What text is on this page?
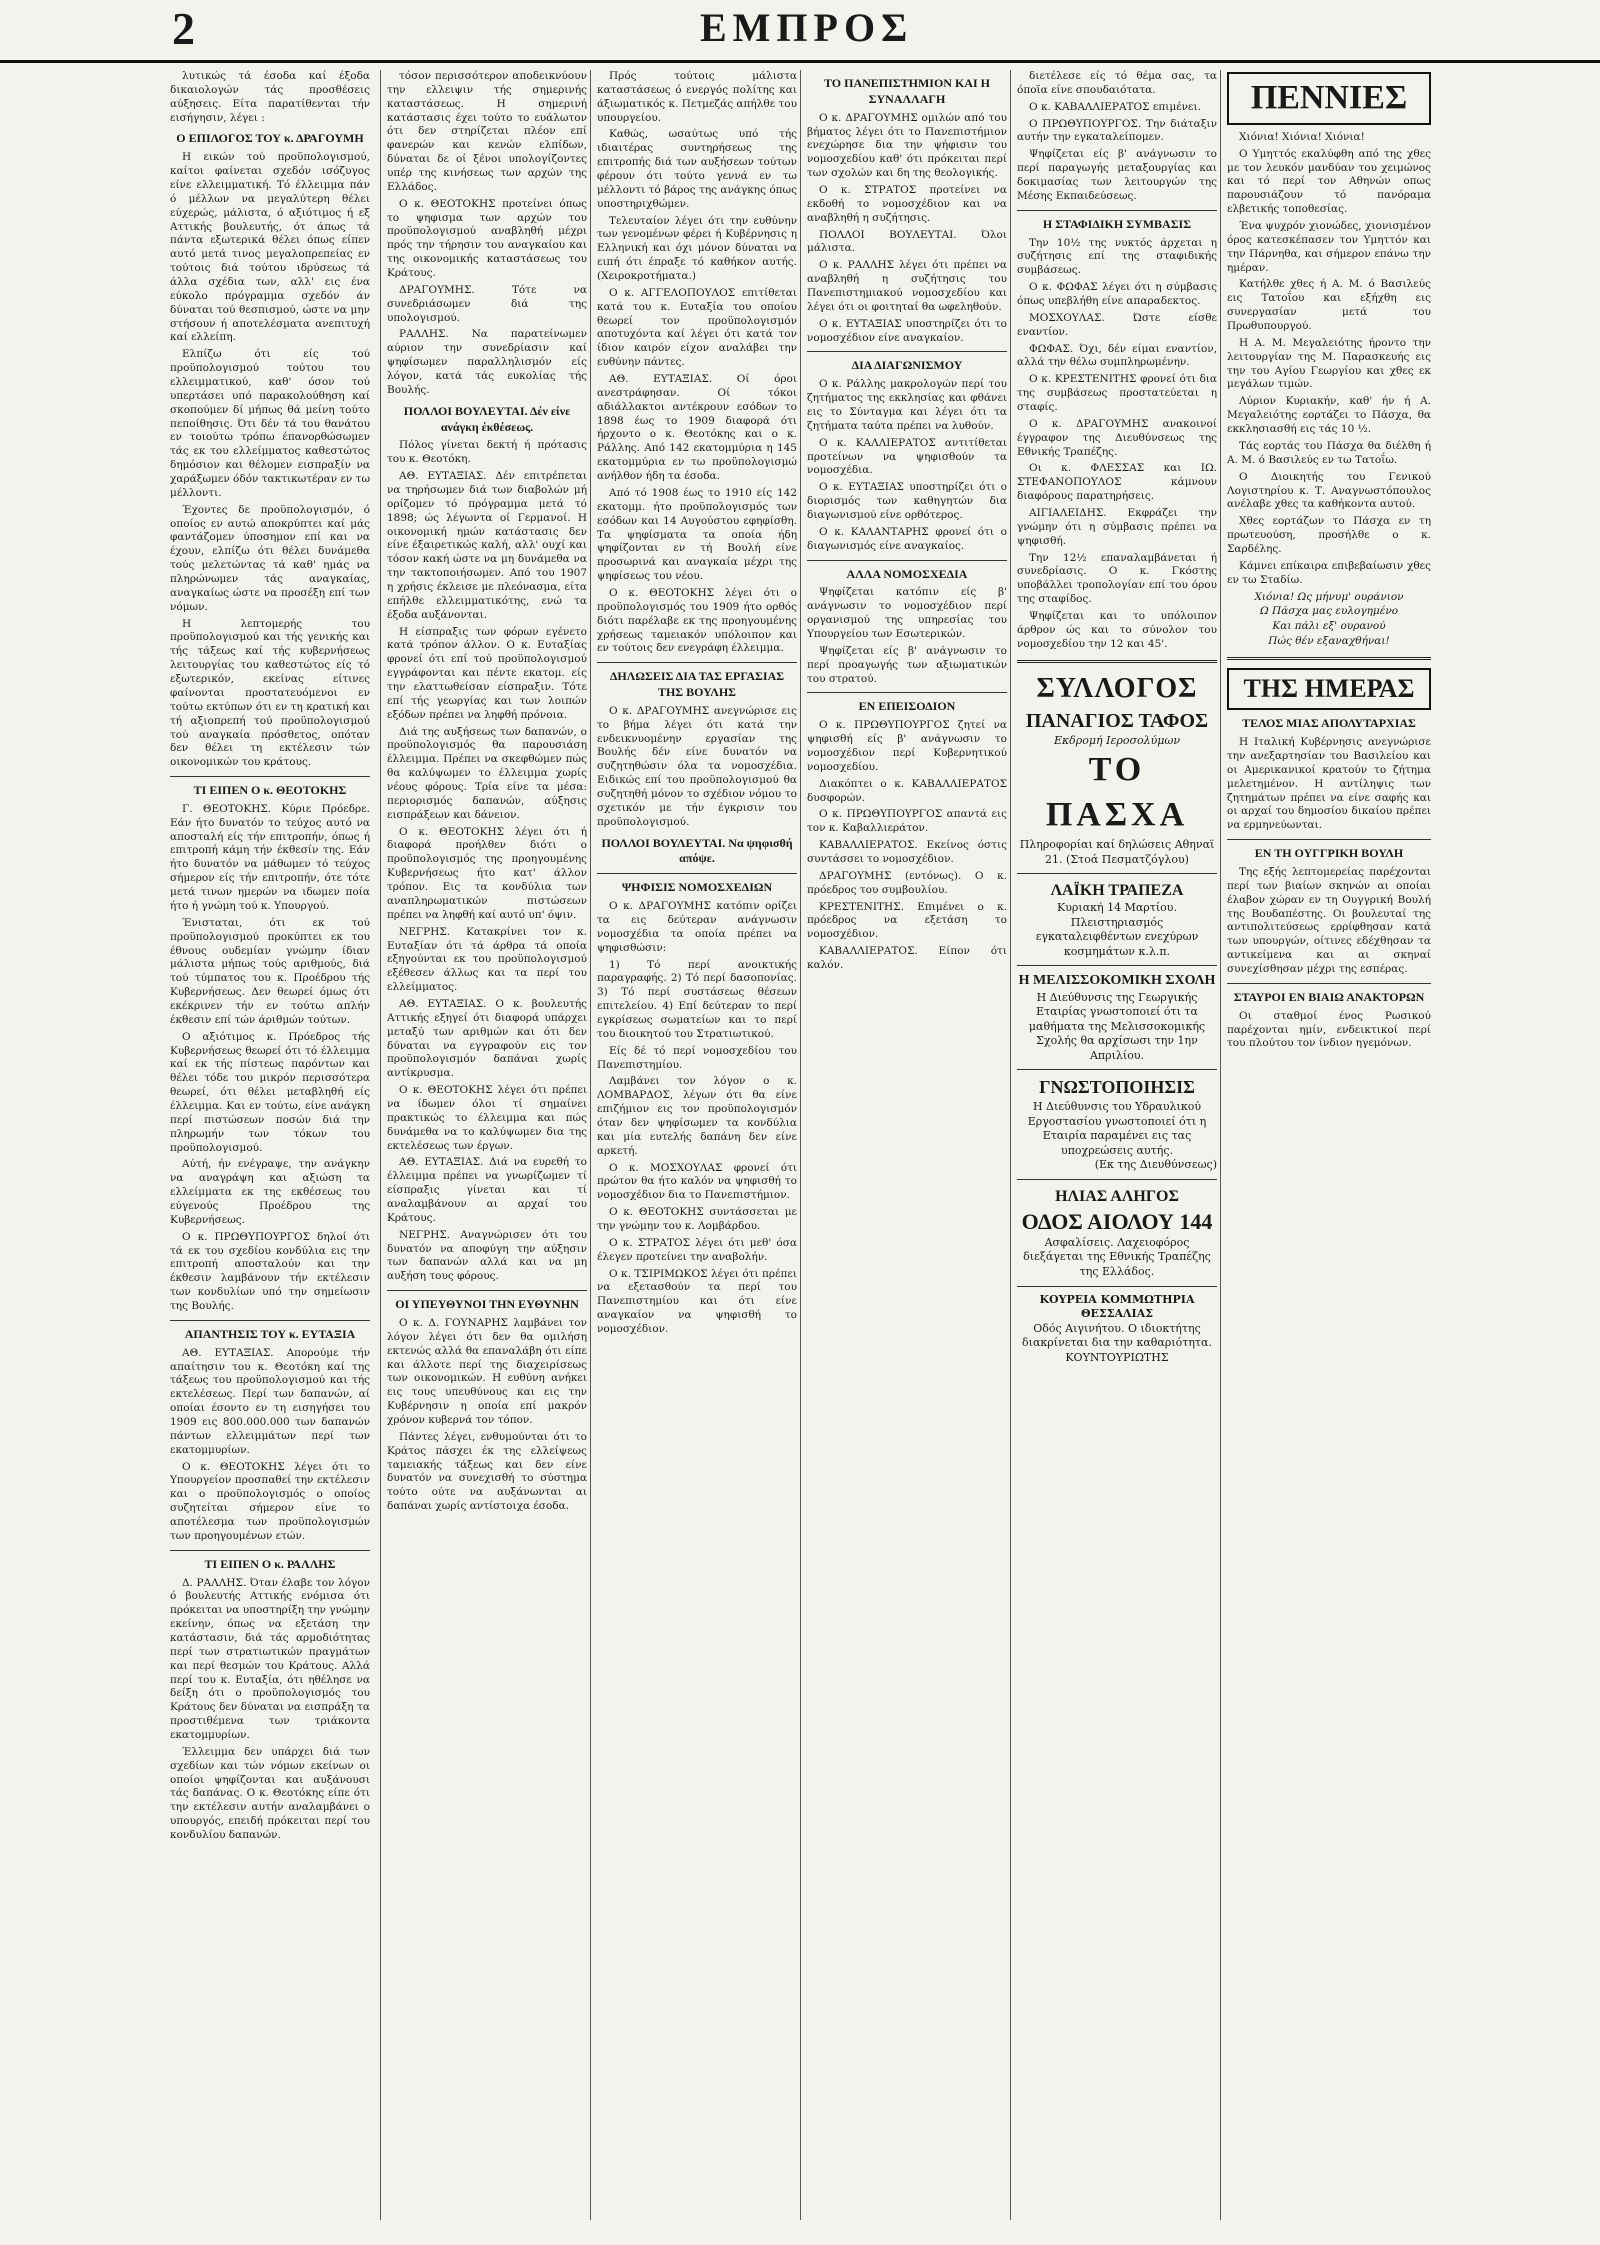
2	ΕΜΠΡΟΣ

λυτικώς τά έσοδα καί έξοδα δικαιολογών τάς προσθέσεις αύξησεις. Είτα παρατίθενται τήν εισήγησιν, λέγει :

Ο ΕΠΙΛΟΓΟΣ ΤΟΥ κ. ΔΡΑΓΟΥΜΗ

Η εικών τού προϋπολογισμού, καίτοι φαίνεται σχεδόν ισόζυγος είνε ελλειμματική. Τό έλλειμμα πάν ό μέλλων να μεγαλύτερη θέλει εύχερώς, μάλιστα, ό αξιότιμος ή εξ Αττικής βουλευτής, ότ άπως τά πάντα εξωτερικά θέλει όπως είπεν αυτό μετά τινος μεγαλοπρεπείας εν τούτοις διά τούτου ιδρύσεως τά άλλα σχέδια των, αλλ' εις ένα εύκολο πρόγραμμα σχεδόν άν δύναται τού θεσπισμού, ώστε να μην στήσουν ή αποτελέσματα ανεπιτυχή καί ελλείπη.

Ελπίζω ότι είς τού προϋπολογισμού τούτου του ελλειμματικού, καθ' όσον τού υπερτάσει υπό παρακολούθηση καί σκοπούμεν δί μήπως θά μείνη τούτο πεποίθησις. Ότι δέν τά του θανάτου εν τοιούτω τρόπω έπανορθώσωμεν τάς εκ του ελλείμματος καθεστώτος δημόσιον και θέλομεν εισπραξίν να χαράξωμεν όδόν τακτικωτέραν εν τω μέλλοντι.

Έχοντες δε προϋπολογισμόν, ό οποίος εν αυτώ αποκρύπτει καί μάς φαντάζομεν ύποσημον επί και να έχουν, ελπίζω ότι θέλει δυνάμεθα τούς μελετώντας τά καθ' ημάς να πληρώνωμεν τάς αναγκαίας, αναγκαίως ώστε να προσέξη επί των νόμων.

Η λεπτομερής του προϋπολογισμού και τής γενικής και τής τάξεως καί τής κυβερνήσεως λειτουργίας του καθεστώτος είς τό εξωτερικόν, εκείνας είτινες φαίνονται προστατευόμενοι εν τούτω εκτύπων ότι εν τη κρατική και τή αξιοπρεπή τού προϋπολογισμού τού αναγκαία πρόσθετος, οπόταν δεν θέλει τη εκτέλεσιν τών οικονομικών του κράτους.

ΤΙ ΕΙΠΕΝ Ο κ. ΘΕΟΤΟΚΗΣ

Γ. ΘΕΟΤΟΚΗΣ. Κύριε Πρόεδρε. Εάν ήτο δυνατόν το τεύχος αυτό να αποσταλή είς τήν επιτροπήν, όπως ή επιτροπή κάμη τήν έκθεσίν της. Εάν ήτο δυνατόν να μάθωμεν τό τεύχος σήμερον είς τήν επιτροπήν, ότε τότε μετά τινων ημερών να ιδωμεν ποία ήτο ή γνώμη τού κ. Υπουργού.

Ένισταται, ότι εκ τού προϋπολογισμού προκύπτει εκ του έθνους ουδεμίαν γνώμην ίδιαν μάλιστα μήπως τούς αριθμούς, διά τού τύμπατος του κ. Προέδρου τής Κυβερνήσεως. Δεν θεωρεί όμως ότι εκέκρινεν τήν εν τούτω απλήν έκθεσιν επί τών άριθμών τούτων.

Ο αξιότιμος κ. Πρόεδρος τής Κυβερνήσεως θεωρεί ότι τό έλλειμμα καί εκ τής πίστεως παρόντων και θέλει τόδε του μικρόν περισσότερα θεωρεί, ότι θέλει μεταβληθή είς έλλειμμα. Και εν τούτω, είνε ανάγκη περί πιστώσεων ποσών διά την πληρωμήν των τόκων του προϋπολογισμού.

Αύτή, ήν ενέγραψε, την ανάγκην να αναγράψη και αξιώση τα ελλείμματα εκ της εκθέσεως του εύγενούς Προέδρου της Κυβερνήσεως.

Ο κ. ΠΡΩΘΥΠΟΥΡΓΟΣ δηλοί ότι τά εκ του σχεδίου κονδύλια εις την επιτροπή αποσταλούν και την έκθεσιν λαμβάνουν τήν εκτέλεσιν των κονδυλίων υπό την σημείωσιν της Βουλής.

ΑΠΑΝΤΗΣΙΣ ΤΟΥ κ. ΕΥΤΑΞΙΑ

ΑΘ. ΕΥΤΑΞΙΑΣ. Απορούμε τήν απαίτησιν του κ. Θεοτόκη καί της τάξεως του προϋπολογισμού και τής εκτελέσεως. Περί των δαπανών, αί οποίαι έσοντο εν τη εισηγήσει του 1909 εις 800.000.000 των δαπανών πάντων ελλειμμάτων περί των εκατομμυρίων.

Ο κ. ΘΕΟΤΟΚΗΣ λέγει ότι το Υπουργείον προσπαθεί την εκτέλεσιν και ο προϋπολογισμός ο οποίος συζητείται σήμερον είνε το αποτέλεσμα των προϋπολογισμών των προηγουμένων ετών.

ΤΙ ΕΙΠΕΝ Ο κ. ΡΑΛΛΗΣ

Δ. ΡΑΛΛΗΣ. Όταν έλαβε τον λόγον ό βουλευτής Αττικής ενόμισα ότι πρόκειται να υποστηρίξη την γνώμην εκείνην, όπως να εξετάση την κατάστασιν, διά τάς αρμοδιότητας περί των στρατιωτικών πραγμάτων και περί θεσμών του Κράτους. Αλλά περί του κ. Ευταξία, ότι ηθέλησε να δείξη ότι ο προϋπολογισμός του Κράτους δεν δύναται να εισπράξη τα προστιθέμενα των τριάκοντα εκατομμυρίων.

Έλλειμμα δεν υπάρχει διά των σχεδίων και τών νόμων εκείνων οι οποίοι ψηφίζονται και αυξάνουσι τάς δαπάνας. Ο κ. Θεοτόκης είπε ότι την εκτέλεσιν αυτήν αναλαμβάνει ο υπουργός, επειδή πρόκειται περί του κονδυλίου δαπανών.

τόσον περισσότερον αποδεικνύουν την ελλειψιν τής σημερινής καταστάσεως. Η σημερινή κατάστασις έχει τούτο το ευάλωτον ότι δεν στηρίζεται πλέον επί φανερών και κενών ελπίδων, δύναται δε οί ξένοι υπολογίζοντες υπέρ της κινήσεως των αρχών της Ελλάδος.

Ο κ. ΘΕΟΤΟΚΗΣ προτείνει όπως το ψηφισμα των αρχών του προϋπολογισμού αναβληθή μέχρι πρός την τήρησιν του αναγκαίου και της οικονομικής καταστάσεως του Κράτους.

ΔΡΑΓΟΥΜΗΣ. Τότε να συνεδριάσωμεν διά της υπολογισμού.

ΡΑΛΛΗΣ. Να παρατείνωμεν αύριον την συνεδρίασιν καί ψηφίσωμεν παραλληλισμόν είς λόγον, κατά τάς ευκολίας τής Βουλής.

ΠΟΛΛΟΙ ΒΟΥΛΕΥΤΑΙ. Δέν είνε ανάγκη έκθέσεως.

Πόλος γίνεται δεκτή ή πρότασις του κ. Θεοτόκη.

ΑΘ. ΕΥΤΑΞΙΑΣ. Δέν επιτρέπεται να τηρήσωμεν διά των διαβολών μή ορίζομεν τό πρόγραμμα μετά τό 1898; ώς λέγωντα οί Γερμανοί. Η οικονομική ημών κατάστασις δεν είνε έξαιρετικώς καλή, αλλ' ουχί και τόσον κακή ώστε να μη δυνάμεθα να την τακτοποιήσωμεν. Από του 1907 η χρήσις έκλεισε με πλεόνασμα, είτα επήλθε ελλειμματικότης, ενώ τα έξοδα αυξάνονται.

Η είσπραξις των φόρων εγένετο κατά τρόπον άλλον. Ο κ. Ευταξίας φρονεί ότι επί τού προϋπολογισμού εγγράφονται και πέντε εκατομ. είς την ελαττωθείσαν είσπραξιν. Τότε επί τής γεωργίας και των λοιπών εξόδων πρέπει να ληφθή πρόνοια.

Διά της αυξήσεως των δαπανών, ο προϋπολογισμός θα παρουσιάση έλλειμμα. Πρέπει να σκεφθώμεν πώς θα καλύψωμεν το έλλειμμα χωρίς νέους φόρους. Τρία είνε τα μέσα: περιορισμός δαπανών, αύξησις εισπράξεων και δάνειον.

Ο κ. ΘΕΟΤΟΚΗΣ λέγει ότι ή διαφορά προήλθεν διότι ο προϋπολογισμός της προηγουμένης Κυβερνήσεως ήτο κατ' άλλον τρόπον. Εις τα κονδύλια των αναπληρωματικών πιστώσεων πρέπει να ληφθή καί αυτό υπ' όψιν.

ΝΕΓΡΗΣ. Κατακρίνει τον κ. Ευταξίαν ότι τά άρθρα τά οποία εξηγούνται εκ του προϋπολογισμού εξέθεσεν άλλως και τα περί του ελλείμματος.

ΑΘ. ΕΥΤΑΞΙΑΣ. Ο κ. βουλευτής Αττικής εξηγεί ότι διαφορά υπάρχει μεταξύ των αριθμών και ότι δεν δύναται να εγγραφούν εις τον προϋπολογισμόν δαπάναι χωρίς αντίκρυσμα.

Ο κ. ΘΕΟΤΟΚΗΣ λέγει ότι πρέπει να ίδωμεν όλοι τί σημαίνει πρακτικώς το έλλειμμα και πώς δυνάμεθα να το καλύψωμεν δια της εκτελέσεως των έργων.

ΑΘ. ΕΥΤΑΞΙΑΣ. Διά να ευρεθή το έλλειμμα πρέπει να γνωρίζωμεν τί είσπραξις γίνεται και τί αναλαμβάνουν αι αρχαί του Κράτους.

ΝΕΓΡΗΣ. Αναγνώρισεν ότι του δυνατόν να αποφύγη την αύξησιν των δαπανών αλλά και να μη αυξήση τους φόρους.

ΟΙ ΥΠΕΥΘΥΝΟΙ ΤΗΝ ΕΥΘΥΝΗΝ

Ο κ. Δ. ΓΟΥΝΑΡΗΣ λαμβάνει τον λόγον λέγει ότι δεν θα ομιλήση εκτενώς αλλά θα επαναλάβη ότι είπε και άλλοτε περί της διαχειρίσεως των οικονομικών. Η ευθύνη ανήκει εις τους υπευθύνους και εις την Κυβέρνησιν η οποία επί μακρόν χρόνον κυβερνά τον τόπον.

Πάντες λέγει, ενθυμούνται ότι το Κράτος πάσχει έκ της ελλείψεως ταμειακής τάξεως και δεν είνε δυνατόν να συνεχισθή το σύστημα τούτο ούτε να αυξάνωνται αι δαπάναι χωρίς αντίστοιχα έσοδα.

Πρός τούτοις μάλιστα καταστάσεως ό ενεργός πολίτης και άξιωματικός κ. Πετμεζάς απήλθε του υπουργείου.

Καθώς, ωσαύτως υπό τής ιδιαιτέρας συντηρήσεως της επιτροπής διά των αυξήσεων τούτων φέρουν ότι τούτο γεννά εν τω μέλλοντι τό βάρος της ανάγκης όπως υποστηριχθώμεν.

Τελευταίον λέγει ότι την ευθύνην των γενομένων φέρει ή Κυβέρνησις η Ελληνική και όχι μόνον δύναται να ειπή ότι έπραξε τό καθήκον αυτής. (Χειροκροτήματα.)

Ο κ. ΑΓΓΕΛΟΠΟΥΛΟΣ επιτίθεται κατά του κ. Ευταξία του οποίου θεωρεί τον προϋπολογισμόν αποτυχόντα καί λέγει ότι κατά τον ίδιον καιρόν είχον αναλάβει την ευθύνην πάντες.

ΑΘ. ΕΥΤΑΞΙΑΣ. Οί όροι ανεστράφησαν. Οί τόκοι αδιάλλακτοι αντέκρουν εσόδων το 1898 έως το 1909 διαφορά ότι ήρχοντο ο κ. Θεοτόκης και ο κ. Ράλλης. Από 142 εκατομμύρια η 145 εκατομμύρια εν τω προϋπολογισμώ ανήλθον ήδη τα έσοδα.

Από τό 1908 έως το 1910 είς 142 εκατομμ. ήτο προϋπολογισμός των εσόδων και 14 Αυγούστου εφηφίσθη. Τα ψηφίσματα τα οποία ήδη ψηφίζονται εν τή Βουλή είνε προσωρινά και αναγκαία μέχρι της ψηφίσεως του νέου.

Ο κ. ΘΕΟΤΟΚΗΣ λέγει ότι ο προϋπολογισμός του 1909 ήτο ορθός διότι παρέλαβε εκ της προηγουμένης χρήσεως ταμειακόν υπόλοιπον και εν τούτοις δεν ενεγράφη έλλειμμα.

ΔΗΛΩΣΕΙΣ ΔΙΑ ΤΑΣ ΕΡΓΑΣΙΑΣ ΤΗΣ ΒΟΥΛΗΣ

Ο κ. ΔΡΑΓΟΥΜΗΣ ανεγνώρισε εις το βήμα λέγει ότι κατά την ενδεικνυομένην εργασίαν της Βουλής δέν είνε δυνατόν να συζητηθώσιν όλα τα νομοσχέδια. Ειδικώς επί του προϋπολογισμού θα συζητηθή μόνον το σχέδιον νόμου το σχετικόν με τήν έγκρισιν του προϋπολογισμού.

ΠΟΛΛΟΙ ΒΟΥΛΕΥΤΑΙ. Να ψηφισθή απόψε.
ΨΗΦΙΣΙΣ ΝΟΜΟΣΧΕΔΙΩΝ

Ο κ. ΔΡΑΓΟΥΜΗΣ κατόπιν ορίζει τα εις δεύτεραν ανάγνωσιν νομοσχέδια τα οποία πρέπει να ψηφισθώσιν:

1) Τό περί ανοικτικής παραγραφής. 2) Τό περί δασοπονίας. 3) Τό περί συστάσεως θέσεων επιτελείου. 4) Επί δεύτεραν το περί εγκρίσεως σωματείων και το περί του διοικητού του Στρατιωτικού.

Είς δέ τό περί νομοσχεδίου του Πανεπιστημίου.

Λαμβάνει τον λόγον ο κ. ΛΟΜΒΑΡΔΟΣ, λέγων ότι θα είνε επιζήμιον εις τον προϋπολογισμόν όταν δεν ψηφίσωμεν τα κονδύλια και μία ευτελής δαπάνη δεν είνε αρκετή.

Ο κ. ΜΟΣΧΟΥΛΑΣ φρονεί ότι πρώτον θα ήτο καλόν να ψηφισθή το νομοσχέδιον δια το Πανεπιστήμιον.

Ο κ. ΘΕΟΤΟΚΗΣ συντάσσεται με την γνώμην του κ. Λομβάρδου.

Ο κ. ΣΤΡΑΤΟΣ λέγει ότι μεθ' όσα έλεγεν προτείνει την αναβολήν.

Ο κ. ΤΣΙΡΙΜΩΚΟΣ λέγει ότι πρέπει να εξετασθούν τα περί του Πανεπιστημίου και ότι είνε αναγκαίον να ψηφισθή το νομοσχέδιον.

ΤΟ ΠΑΝΕΠΙΣΤΗΜΙΟΝ ΚΑΙ Η ΣΥΝΑΛΛΑΓΗ

Ο κ. ΔΡΑΓΟΥΜΗΣ ομιλών από του βήματος λέγει ότι το Πανεπιστήμιον ενεχώρησε δια την ψήφισιν του νομοσχεδίου καθ' ότι πρόκειται περί των σχολών και δη της θεολογικής.

Ο κ. ΣΤΡΑΤΟΣ προτείνει να εκδοθή το νομοσχέδιον και να αναβληθή η συζήτησις.

ΠΟΛΛΟΙ ΒΟΥΛΕΥΤΑΙ. Όλοι μάλιστα.

Ο κ. ΡΑΛΛΗΣ λέγει ότι πρέπει να αναβληθή η συζήτησις του Πανεπιστημιακού νομοσχεδίου και λέγει ότι οι φοιτηταί θα ωφεληθούν.

Ο κ. ΕΥΤΑΞΙΑΣ υποστηρίζει ότι το νομοσχέδιον είνε αναγκαίον.

ΔΙΑ ΔΙΑΓΩΝΙΣΜΟΥ

Ο κ. Ράλλης μακρολογών περί του ζητήματος της εκκλησίας και φθάνει εις το Σύνταγμα και λέγει ότι τα ζητήματα ταύτα πρέπει να λυθούν.

Ο κ. ΚΑΛΛΙΕΡΑΤΟΣ αντιτίθεται προτείνων να ψηφισθούν τα νομοσχέδια.

Ο κ. ΕΥΤΑΞΙΑΣ υποστηρίζει ότι ο διορισμός των καθηγητών δια διαγωνισμού είνε ορθότερος.

Ο κ. ΚΑΛΑΝΤΑΡΗΣ φρονεί ότι ο διαγωνισμός είνε αναγκαίος.

ΑΛΛΑ ΝΟΜΟΣΧΕΔΙΑ

Ψηφίζεται κατόπιν είς β' ανάγνωσιν το νομοσχέδιον περί οργανισμού της υπηρεσίας του Υπουργείου των Εσωτερικών.

Ψηφίζεται είς β' ανάγνωσιν το περί προαγωγής των αξιωματικών του στρατού.

ΕΝ ΕΠΕΙΣΟΔΙΟΝ

Ο κ. ΠΡΩΘΥΠΟΥΡΓΟΣ ζητεί να ψηφισθή είς β' ανάγνωσιν το νομοσχέδιον περί Κυβερνητικού νομοσχεδίου.

Διακόπτει ο κ. ΚΑΒΑΛΛΙΕΡΑΤΟΣ δυσφορών.

Ο κ. ΠΡΩΘΥΠΟΥΡΓΟΣ απαντά εις τον κ. Καβαλλιεράτον.

ΚΑΒΑΛΛΙΕΡΑΤΟΣ. Εκείνος όστις συντάσσει το νομοσχέδιον.

ΔΡΑΓΟΥΜΗΣ (εντόνως). Ο κ. πρόεδρος του συμβουλίου.

ΚΡΕΣΤΕΝΙΤΗΣ. Επιμένει ο κ. πρόεδρος να εξετάση το νομοσχέδιον.

ΚΑΒΑΛΛΙΕΡΑΤΟΣ. Είπον ότι καλόν.

διετέλεσε είς τό θέμα σας, τα όποϊα είνε σπουδαιότατα.

Ο κ. ΚΑΒΑΛΛΙΕΡΑΤΟΣ επιμένει.

Ο ΠΡΩΘΥΠΟΥΡΓΟΣ. Την διάταξιν αυτήν την εγκαταλείπομεν.

Ψηφίζεται είς β' ανάγνωσιν το περί παραγωγής μεταξουργίας και δοκιμασίας των λειτουργών της Μέσης Εκπαιδεύσεως.

Η ΣΤΑΦΙΔΙΚΗ ΣΥΜΒΑΣΙΣ

Την 10½ της νυκτός άρχεται η συζήτησις επί της σταφιδικής συμβάσεως.

Ο κ. ΦΩΦΑΣ λέγει ότι η σύμβασις όπως υπεβλήθη είνε απαραδεκτος.

ΜΟΣΧΟΥΛΑΣ. Ώστε είσθε εναντίον.

ΦΩΦΑΣ. Όχι, δέν είμαι εναντίον, αλλά την θέλω συμπληρωμένην.

Ο κ. ΚΡΕΣΤΕΝΙΤΗΣ φρονεί ότι δια της συμβάσεως προστατεύεται η σταφίς.

Ο κ. ΔΡΑΓΟΥΜΗΣ ανακοινοί έγγραφον της Διευθύνσεως της Εθνικής Τραπέζης.

Οι κ. ΦΛΕΣΣΑΣ και ΙΩ. ΣΤΕΦΑΝΟΠΟΥΛΟΣ κάμνουν διαφόρους παρατηρήσεις.

ΑΙΓΙΑΛΕΙΔΗΣ. Εκφράζει την γνώμην ότι η σύμβασις πρέπει να ψηφισθή.

Την 12½ επαναλαμβάνεται ή συνεδρίασις. Ο κ. Γκόστης υποβάλλει τροπολογίαν επί του όρου της σταφίδος.

Ψηφίζεται και το υπόλοιπον άρθρον ώς και το σύνολον του νομοσχεδίου την 12 και 45'.

ΣΥΛΛΟΓΟΣ
ΠΑΝΑΓΙΟΣ ΤΑΦΟΣ
Εκδρομή Ιεροσολύμων
ΤΟ ΠΑΣΧΑ
Πληροφορίαι καί δηλώσεις Αθηναϊ 21. (Στοά Πεσματζόγλου)
ΛΑΪΚΗ ΤΡΑΠΕΖΑ
Κυριακή 14 Μαρτίου. Πλειστηριασμός εγκαταλειφθέντων ενεχύρων κοσμημάτων κ.λ.π.
Η ΜΕΛΙΣΣΟΚΟΜΙΚΗ ΣΧΟΛΗ
Η Διεύθυνσις της Γεωργικής Εταιρίας γνωστοποιεί ότι τα μαθήματα της Μελισσοκομικής Σχολής θα αρχίσωσι την 1ην Απριλίου.
ΓΝΩΣΤΟΠΟΙΗΣΙΣ
Η Διεύθυνσις του Υδραυλικού Εργοστασίου γνωστοποιεί ότι η Εταιρία παραμένει εις τας υποχρεώσεις αυτής.
(Εκ της Διευθύνσεως)
ΗΛΙΑΣ ΑΛΗΓΟΣ
ΟΔΟΣ ΑΙΟΛΟΥ 144
Ασφαλίσεις. Λαχειοφόρος διεξάγεται της Εθνικής Τραπέζης της Ελλάδος.
ΚΟΥΡΕΙΑ ΚΟΜΜΩΤΗΡΙΑ ΘΕΣΣΑΛΙΑΣ
Οδός Αιγινήτου. Ο ιδιοκτήτης διακρίνεται δια την καθαριότητα.
ΚΟΥΝΤΟΥΡΙΩΤΗΣ
ΠΕΝΝΙΕΣ

Χιόνια! Χιόνια! Χιόνια!

Ο Υμηττός εκαλύφθη από της χθες με τον λευκόν μανδύαν του χειμώνος και τό περί τον Αθηνών οπως παρουσιάζουν τό πανόραμα ελβετικής τοποθεσίας.

Ένα ψυχρόν χιονώδες, χιονισμένον όρος κατεσκέπασεν τον Υμηττόν και την Πάρνηθα, και σήμερον επάνω την ημέραν.

Κατήλθε χθες ή Α. Μ. ό Βασιλεύς εις Τατοΐου και εξήχθη εις συνεργασίαν μετά του Πρωθυπουργού.

Η Α. Μ. Μεγαλειότης ήροντο την λειτουργίαν της Μ. Παρασκευής εις την του Αγίου Γεωργίου και χθες εκ μεγάλων τιμών.

Λύριον Κυριακήν, καθ' ήν ή Α. Μεγαλειότης εορτάζει το Πάσχα, θα εκκλησιασθή εις τάς 10 ½.

Τάς εορτάς του Πάσχα θα διέλθη ή Α. Μ. ό Βασιλεύς εν τω Τατοΐω.

Ο Διοικητής του Γενικού Λογιστηρίου κ. Τ. Αναγνωστόπουλος ανέλαβε χθες τα καθήκοντα αυτού.

Χθες εορτάζων το Πάσχα εν τη πρωτευούση, προσήλθε ο κ. Σαρδέλης.

Κάμνει επίκαιρα επιβεβαίωσιν χθες εν τω Σταδίω.

Χιόνια! Ως μήνυμ' ουράνιον
Ω Πάσχα μας ευλογημένο
Και πάλι εξ' ουρανού
Πώς θέν εξαναχθήναι!
ΤΗΣ ΗΜΕΡΑΣ
ΤΕΛΟΣ ΜΙΑΣ ΑΠΟΛΥΤΑΡΧΙΑΣ

Η Ιταλική Κυβέρνησις ανεγνώρισε την ανεξαρτησίαν του Βασιλείου και οι Αμερικανικοί κρατούν το ζήτημα μελετημένον. Η αντίληψις των ζητημάτων πρέπει να είνε σαφής και οι αρχαί του δημοσίου δικαίου πρέπει να ερμηνεύωνται.

ΕΝ ΤΗ ΟΥΓΓΡΙΚΗ ΒΟΥΛΗ

Της εξής λεπτομερείας παρέχονται περί των βιαίων σκηνών αι οποίαι έλαβον χώραν εν τη Ουγγρική Βουλή της Βουδαπέστης. Οι βουλευταί της αντιπολιτεύσεως ερρίφθησαν κατά των υπουργών, οίτινες εδέχθησαν τα αντικείμενα και αι σκηναί συνεχίσθησαν μέχρι της εσπέρας.

ΣΤΑΥΡΟΙ ΕΝ ΒΙΑΙΩ ΑΝΑΚΤΟΡΩΝ

Οι σταθμοί ένος Ρωσικού παρέχονται ημίν, ενδεικτικοί περί του πλούτου τον ίνδιον ηγεμόνων.
